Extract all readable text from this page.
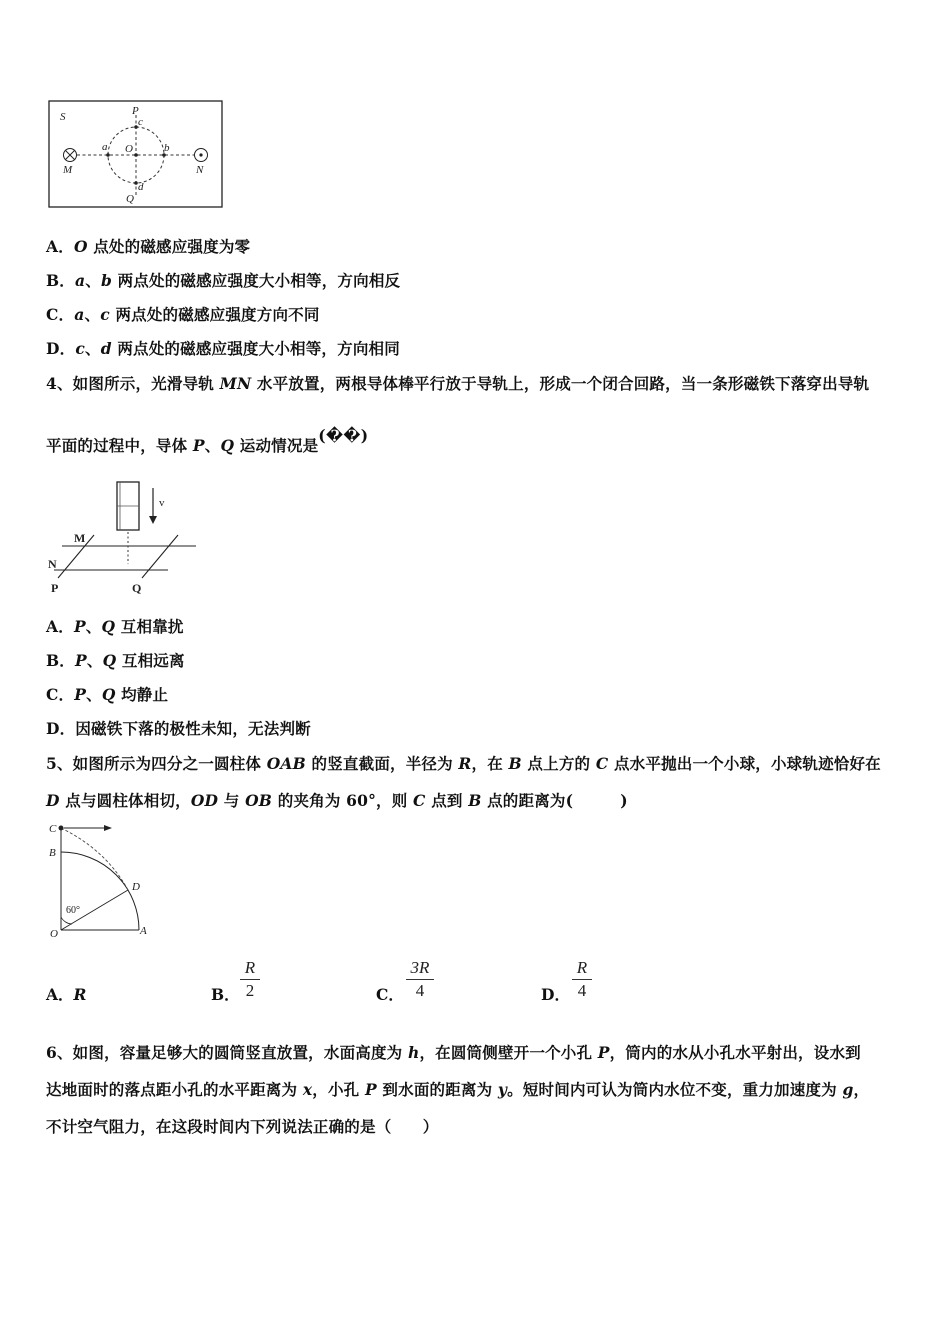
S	P
c
a O	b
M	N
d
Q
A．O 点处的磁感应强度为零
B．a、b 两点处的磁感应强度大小相等，方向相反
C．a、c 两点处的磁感应强度方向不同
D．c、d 两点处的磁感应强度大小相等，方向相同
4、如图所示，光滑导轨 MN 水平放置，两根导体棒平行放于导轨上，形成一个闭合回路，当一条形磁铁下落穿出导轨
平面的过程中，导体 P、Q 运动情况是(��)
v
M
N
P	Q
A．P、Q 互相靠扰
B．P、Q 互相远离
C．P、Q 均静止
D．因磁铁下落的极性未知，无法判断
5、如图所示为四分之一圆柱体 OAB 的竖直截面，半径为 R，在 B 点上方的 C 点水平抛出一个小球，小球轨迹恰好在
D 点与圆柱体相切，OD 与 OB 的夹角为 60°，则 C 点到 B 点的距离为(　　　)
C
B
D
60°
O	A
A．R	B．
R
2	C．
3R
4	D．
R
4
6、如图，容量足够大的圆筒竖直放置，水面高度为 h，在圆筒侧壁开一个小孔 P，筒内的水从小孔水平射出，设水到
达地面时的落点距小孔的水平距离为 x，小孔 P 到水面的距离为 y。短时间内可认为筒内水位不变，重力加速度为 g，
不计空气阻力，在这段时间内下列说法正确的是（　　）
